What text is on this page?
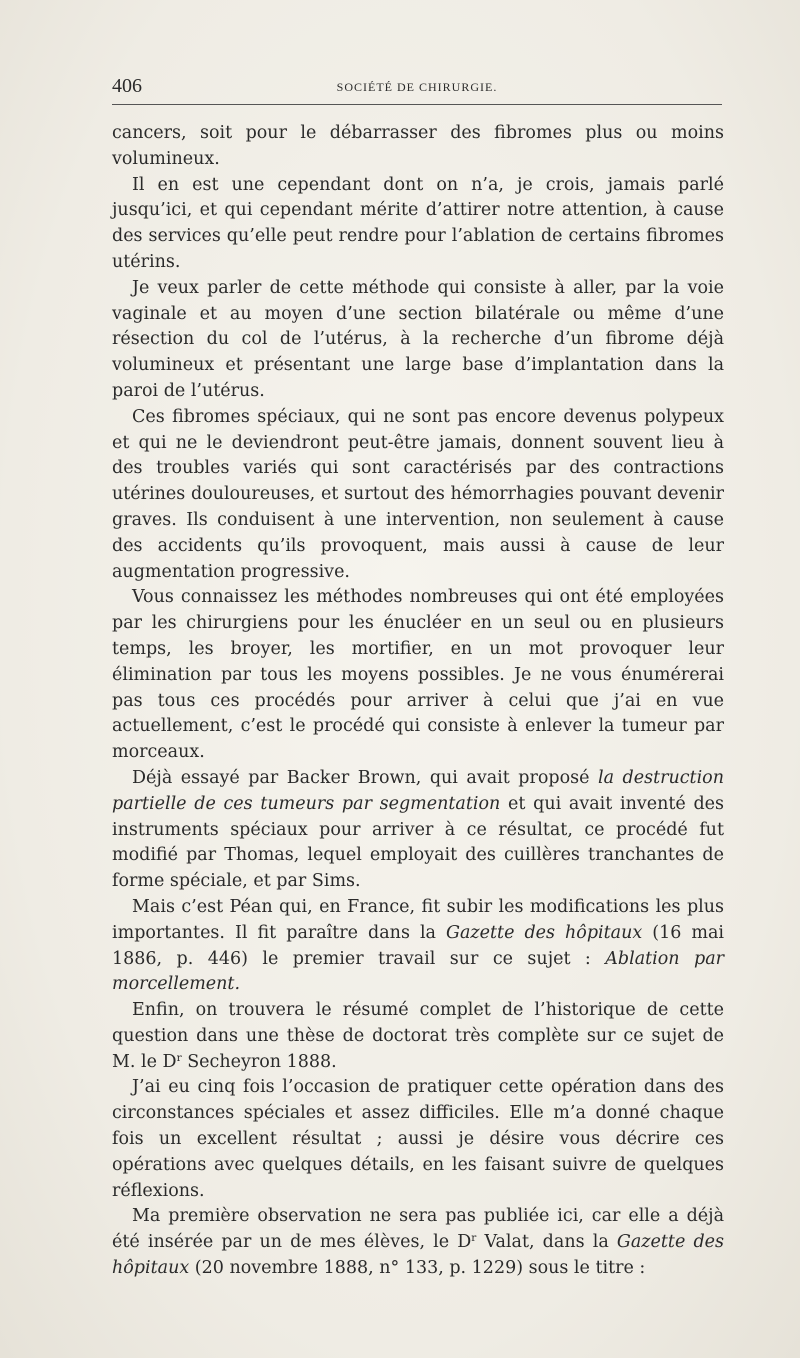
406	SOCIÉTÉ DE CHIRURGIE.

cancers, soit pour le débarrasser des fibromes plus ou moins volumineux.

Il en est une cependant dont on n’a, je crois, jamais parlé jusqu’ici, et qui cependant mérite d’attirer notre attention, à cause des services qu’elle peut rendre pour l’ablation de certains fibromes utérins.

Je veux parler de cette méthode qui consiste à aller, par la voie vaginale et au moyen d’une section bilatérale ou même d’une résection du col de l’utérus, à la recherche d’un fibrome déjà volumineux et présentant une large base d’implantation dans la paroi de l’utérus.

Ces fibromes spéciaux, qui ne sont pas encore devenus polypeux et qui ne le deviendront peut-être jamais, donnent souvent lieu à des troubles variés qui sont caractérisés par des contractions utérines douloureuses, et surtout des hémorrhagies pouvant devenir graves. Ils conduisent à une intervention, non seulement à cause des accidents qu’ils provoquent, mais aussi à cause de leur augmentation progressive.

Vous connaissez les méthodes nombreuses qui ont été employées par les chirurgiens pour les énucléer en un seul ou en plusieurs temps, les broyer, les mortifier, en un mot provoquer leur élimination par tous les moyens possibles. Je ne vous énumérerai pas tous ces procédés pour arriver à celui que j’ai en vue actuellement, c’est le procédé qui consiste à enlever la tumeur par morceaux.

Déjà essayé par Backer Brown, qui avait proposé la destruction partielle de ces tumeurs par segmentation et qui avait inventé des instruments spéciaux pour arriver à ce résultat, ce procédé fut modifié par Thomas, lequel employait des cuillères tranchantes de forme spéciale, et par Sims.

Mais c’est Péan qui, en France, fit subir les modifications les plus importantes. Il fit paraître dans la Gazette des hôpitaux (16 mai 1886, p. 446) le premier travail sur ce sujet : Ablation par morcellement.

Enfin, on trouvera le résumé complet de l’historique de cette question dans une thèse de doctorat très complète sur ce sujet de M. le $D^r$ Secheyron 1888.

J’ai eu cinq fois l’occasion de pratiquer cette opération dans des circonstances spéciales et assez difficiles. Elle m’a donné chaque fois un excellent résultat ; aussi je désire vous décrire ces opérations avec quelques détails, en les faisant suivre de quelques réflexions.

Ma première observation ne sera pas publiée ici, car elle a déjà été insérée par un de mes élèves, le $D^r$ Valat, dans la Gazette des hôpitaux (20 novembre 1888, n° 133, p. 1229) sous le titre :
